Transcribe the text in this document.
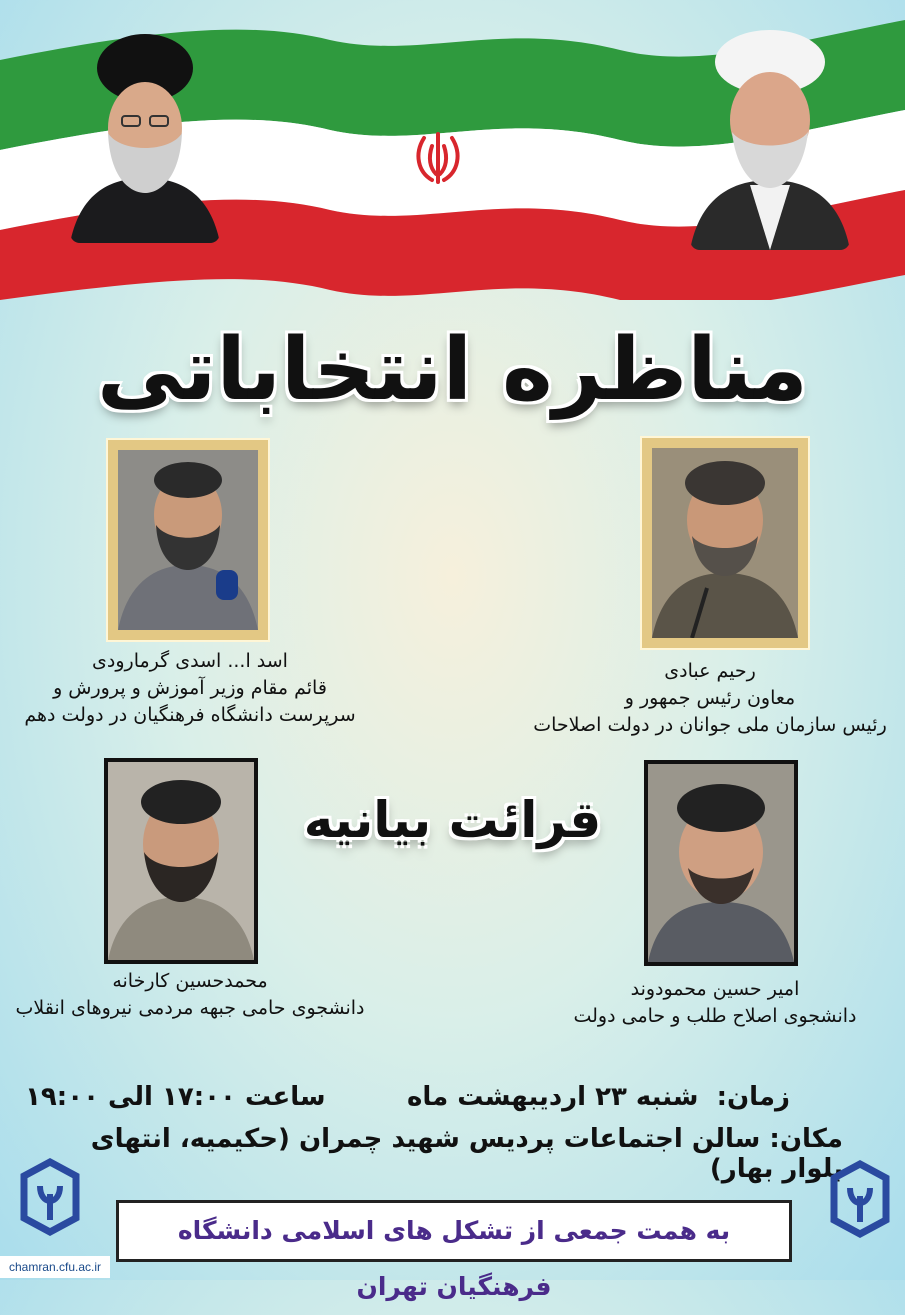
مناظره انتخاباتی
اسد ا... اسدی گرمارودی
قائم مقام وزیر آموزش و پرورش و
سرپرست دانشگاه فرهنگیان در دولت دهم
رحیم عبادی
معاون رئیس جمهور و
رئیس سازمان ملی جوانان در دولت اصلاحات
قرائت بیانیه
محمدحسین کارخانه
دانشجوی حامی جبهه مردمی نیروهای انقلاب
امیر حسین محمودوند
دانشجوی اصلاح طلب و حامی دولت
زمان:  شنبه ۲۳ اردیبهشت ماه         ساعت ۱۷:۰۰ الی ۱۹:۰۰
مکان: سالن اجتماعات پردیس شهید چمران (حکیمیه، انتهای بلوار بهار)
به همت جمعی از تشکل های اسلامی دانشگاه فرهنگیان تهران
chamran.cfu.ac.ir
